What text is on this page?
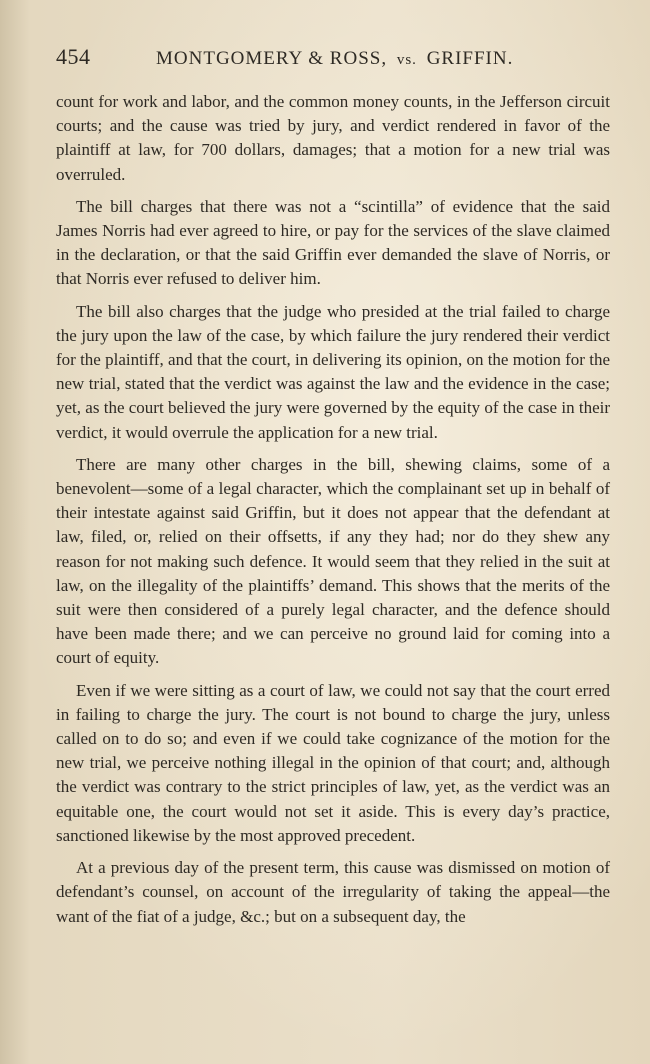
454	MONTGOMERY & ROSS, vs. GRIFFIN.

count for work and labor, and the common money counts, in the Jefferson circuit courts; and the cause was tried by jury, and verdict rendered in favor of the plaintiff at law, for 700 dollars, damages; that a motion for a new trial was overruled.

The bill charges that there was not a “scintilla” of evidence that the said James Norris had ever agreed to hire, or pay for the services of the slave claimed in the declaration, or that the said Griffin ever demanded the slave of Norris, or that Norris ever refused to deliver him.

The bill also charges that the judge who presided at the trial failed to charge the jury upon the law of the case, by which failure the jury rendered their verdict for the plaintiff, and that the court, in delivering its opinion, on the motion for the new trial, stated that the verdict was against the law and the evidence in the case; yet, as the court believed the jury were governed by the equity of the case in their verdict, it would overrule the application for a new trial.

There are many other charges in the bill, shewing claims, some of a benevolent—some of a legal character, which the complainant set up in behalf of their intestate against said Griffin, but it does not appear that the defendant at law, filed, or, relied on their offsetts, if any they had; nor do they shew any reason for not making such defence. It would seem that they relied in the suit at law, on the illegality of the plaintiffs’ demand. This shows that the merits of the suit were then considered of a purely legal character, and the defence should have been made there; and we can perceive no ground laid for coming into a court of equity.

Even if we were sitting as a court of law, we could not say that the court erred in failing to charge the jury. The court is not bound to charge the jury, unless called on to do so; and even if we could take cognizance of the motion for the new trial, we perceive nothing illegal in the opinion of that court; and, although the verdict was contrary to the strict principles of law, yet, as the verdict was an equitable one, the court would not set it aside. This is every day’s practice, sanctioned likewise by the most approved precedent.

At a previous day of the present term, this cause was dismissed on motion of defendant’s counsel, on account of the irregularity of taking the appeal—the want of the fiat of a judge, &c.; but on a subsequent day, the
